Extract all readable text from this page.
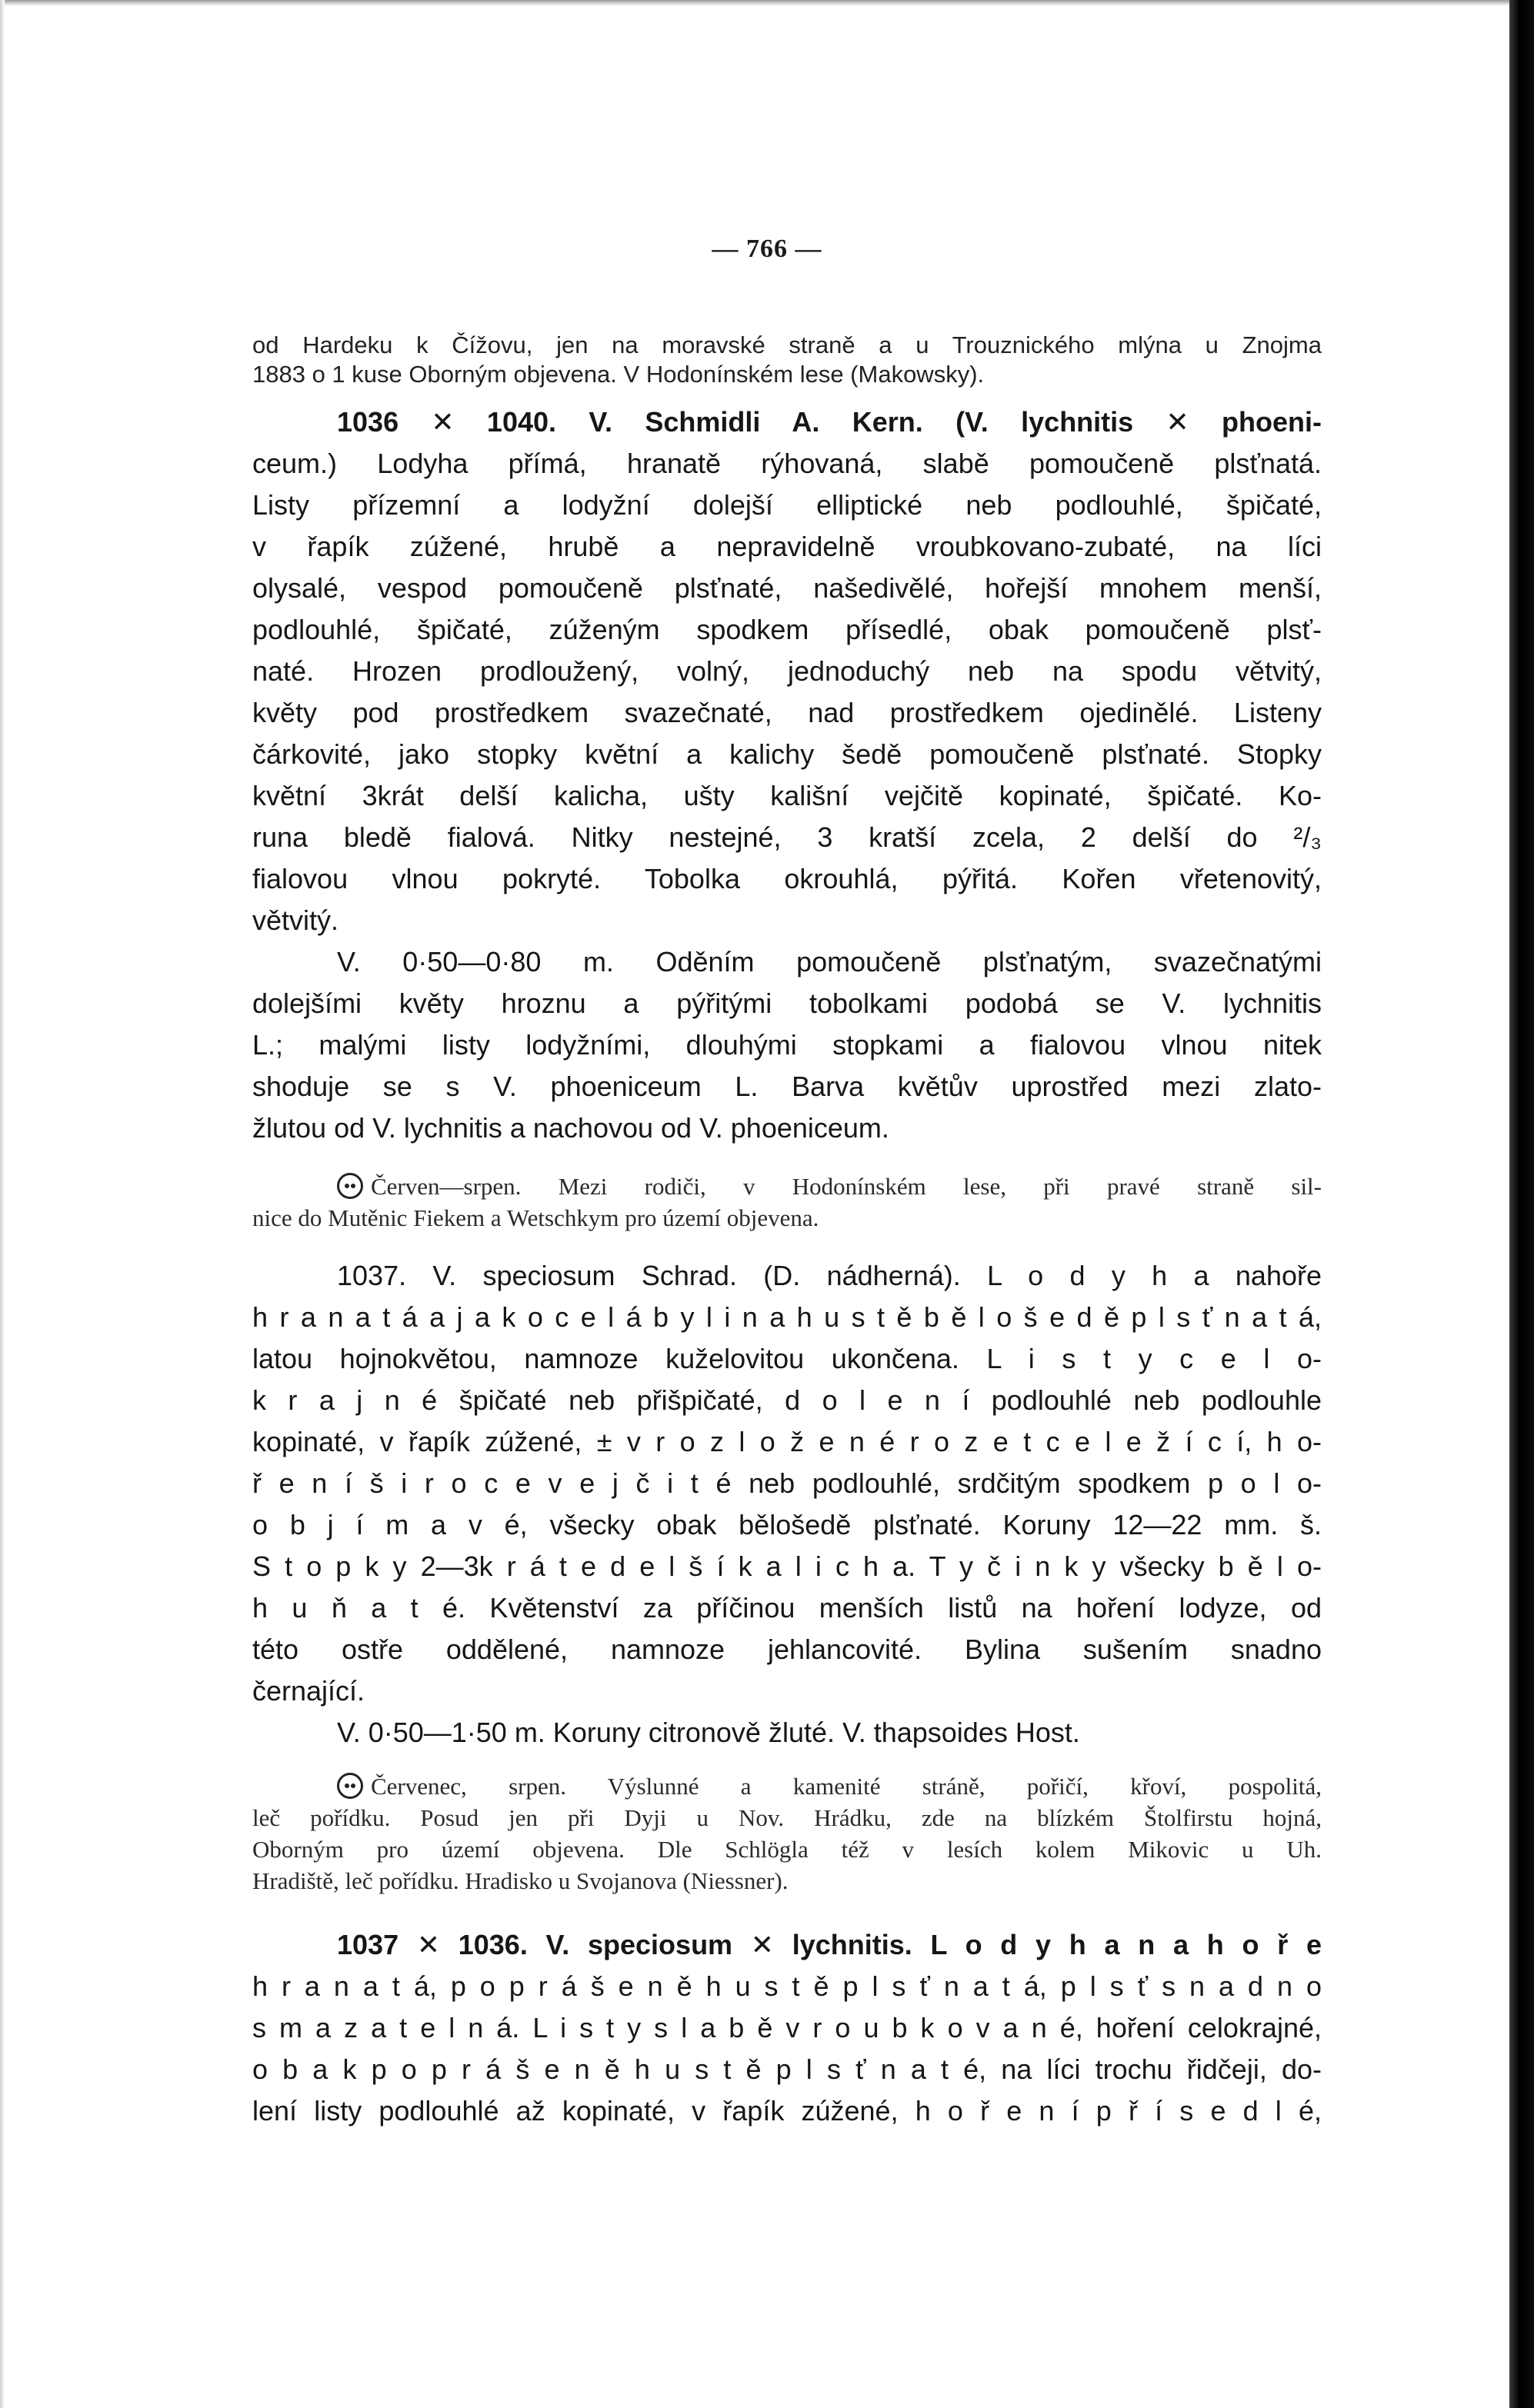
— 766 —
od Hardeku k Čížovu, jen na moravské straně a u Trouznického mlýna u Znojma
1883 o 1 kuse Oborným objevena. V Hodonínském lese (Makowsky).
1036 ✕ 1040. V. Schmidli A. Kern. (V. lychnitis ✕ phoeni-
ceum.) Lodyha přímá, hranatě rýhovaná, slabě pomoučeně plsťnatá.
Listy přízemní a lodyžní dolejší elliptické neb podlouhlé, špičaté,
v řapík zúžené, hrubě a nepravidelně vroubkovano-zubaté, na líci
olysalé, vespod pomoučeně plsťnaté, našedivělé, hořejší mnohem menší,
podlouhlé, špičaté, zúženým spodkem přísedlé, obak pomoučeně plsť-
naté. Hrozen prodloužený, volný, jednoduchý neb na spodu větvitý,
květy pod prostředkem svazečnaté, nad prostředkem ojedinělé. Listeny
čárkovité, jako stopky květní a kalichy šedě pomoučeně plsťnaté. Stopky
květní 3krát delší kalicha, ušty kališní vejčitě kopinaté, špičaté. Ko-
runa bledě fialová. Nitky nestejné, 3 kratší zcela, 2 delší do ²/₃
fialovou vlnou pokryté. Tobolka okrouhlá, pýřitá. Kořen vřetenovitý,
větvitý.
V. 0·50—0·80 m. Oděním pomoučeně plsťnatým, svazečnatými
dolejšími květy hroznu a pýřitými tobolkami podobá se V. lychnitis
L.; malými listy lodyžními, dlouhými stopkami a fialovou vlnou nitek
shoduje se s V. phoeniceum L. Barva květův uprostřed mezi zlato-
žlutou od V. lychnitis a nachovou od V. phoeniceum.
Červen—srpen. Mezi rodiči, v Hodonínském lese, při pravé straně sil-
nice do Mutěnic Fiekem a Wetschkym pro území objevena.
1037. V. speciosum Schrad. (D. nádherná). L o d y h a nahoře
h r a n a t á a j a k o c e l á b y l i n a h u s t ě b ě l o š e d ě p l s ť n a t á,
latou hojnokvětou, namnoze kuželovitou ukončena. L i s t y c e l o-
k r a j n é špičaté neb přišpičaté, d o l e n í podlouhlé neb podlouhle
kopinaté, v řapík zúžené, ± v r o z l o ž e n é r o z e t c e l e ž í c í, h o-
ř e n í š i r o c e v e j č i t é neb podlouhlé, srdčitým spodkem p o l o-
o b j í m a v é, všecky obak bělošedě plsťnaté. Koruny 12—22 mm. š.
S t o p k y 2—3k r á t e d e l š í k a l i c h a. T y č i n k y všecky b ě l o-
h u ň a t é. Květenství za příčinou menších listů na hoření lodyze, od
této ostře oddělené, namnoze jehlancovité. Bylina sušením snadno
černající.
V. 0·50—1·50 m. Koruny citronově žluté. V. thapsoides Host.
Červenec, srpen. Výslunné a kamenité stráně, pořičí, křoví, pospolitá,
leč pořídku. Posud jen při Dyji u Nov. Hrádku, zde na blízkém Štolfirstu hojná,
Oborným pro území objevena. Dle Schlögla též v lesích kolem Mikovic u Uh.
Hradiště, leč pořídku. Hradisko u Svojanova (Niessner).
1037 ✕ 1036. V. speciosum ✕ lychnitis. L o d y h a n a h o ř e
h r a n a t á, p o p r á š e n ě h u s t ě p l s ť n a t á, p l s ť s n a d n o
s m a z a t e l n á. L i s t y s l a b ě v r o u b k o v a n é, hoření celokrajné,
o b a k p o p r á š e n ě h u s t ě p l s ť n a t é, na líci trochu řidčeji, do-
lení listy podlouhlé až kopinaté, v řapík zúžené, h o ř e n í p ř í s e d l é,
